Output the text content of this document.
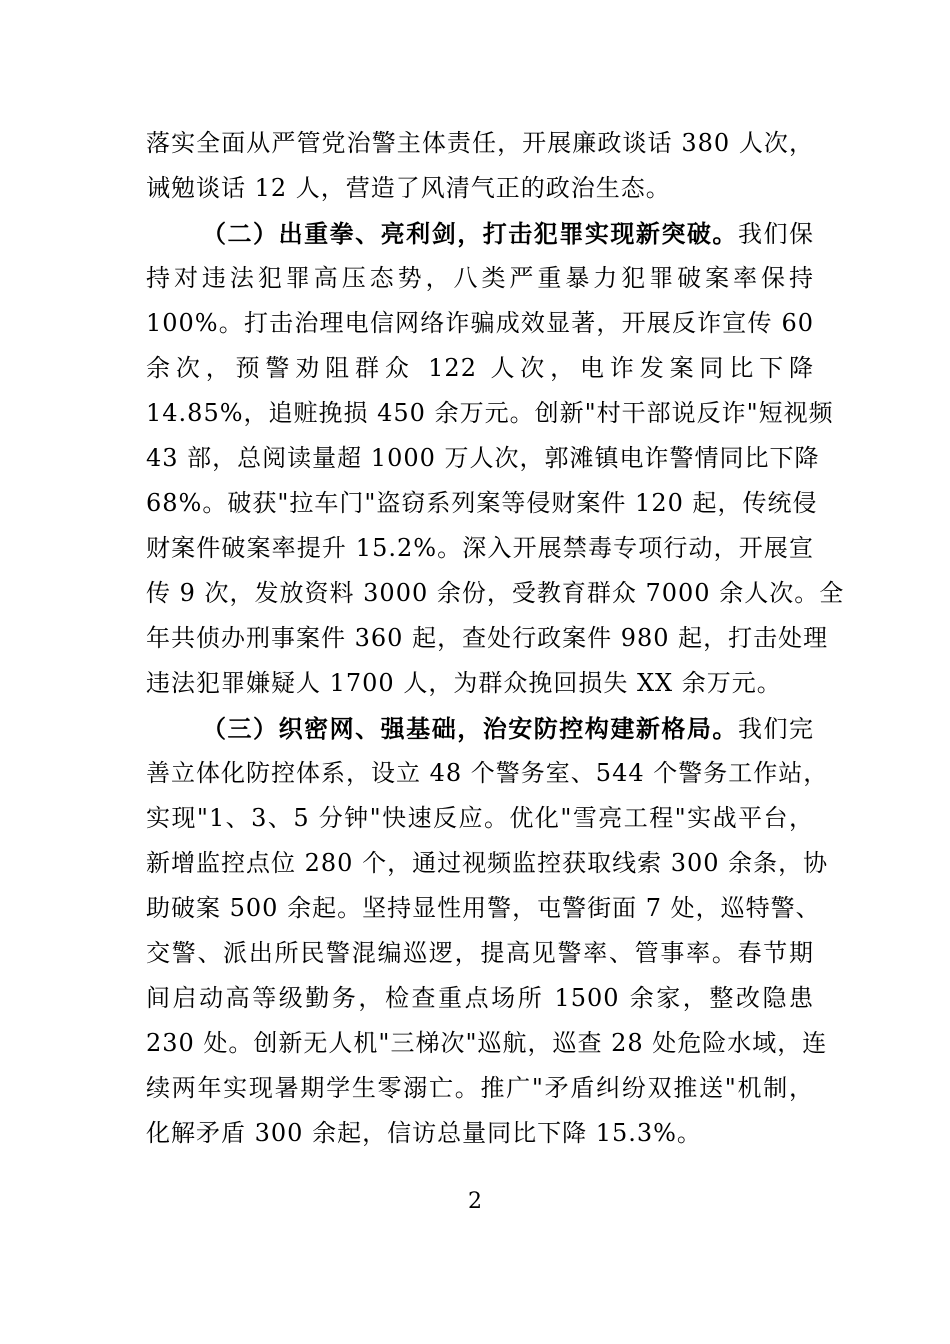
落实全面从严管党治警主体责任，开展廉政谈话 380 人次，
诫勉谈话 12 人，营造了风清气正的政治生态。
（二）出重拳、亮利剑，打击犯罪实现新突破。我们保
持对违法犯罪高压态势，八类严重暴力犯罪破案率保持
100%。打击治理电信网络诈骗成效显著，开展反诈宣传 60
余次，预警劝阻群众 122 人次，电诈发案同比下降
14.85%，追赃挽损 450 余万元。创新"村干部说反诈"短视频
43 部，总阅读量超 1000 万人次，郭滩镇电诈警情同比下降
68%。破获"拉车门"盗窃系列案等侵财案件 120 起，传统侵
财案件破案率提升 15.2%。深入开展禁毒专项行动，开展宣
传 9 次，发放资料 3000 余份，受教育群众 7000 余人次。全
年共侦办刑事案件 360 起，查处行政案件 980 起，打击处理
违法犯罪嫌疑人 1700 人，为群众挽回损失 XX 余万元。
（三）织密网、强基础，治安防控构建新格局。我们完
善立体化防控体系，设立 48 个警务室、544 个警务工作站，
实现"1、3、5 分钟"快速反应。优化"雪亮工程"实战平台，
新增监控点位 280 个，通过视频监控获取线索 300 余条，协
助破案 500 余起。坚持显性用警，屯警街面 7 处，巡特警、
交警、派出所民警混编巡逻，提高见警率、管事率。春节期
间启动高等级勤务，检查重点场所 1500 余家，整改隐患
230 处。创新无人机"三梯次"巡航，巡查 28 处危险水域，连
续两年实现暑期学生零溺亡。推广"矛盾纠纷双推送"机制，
化解矛盾 300 余起，信访总量同比下降 15.3%。
2
